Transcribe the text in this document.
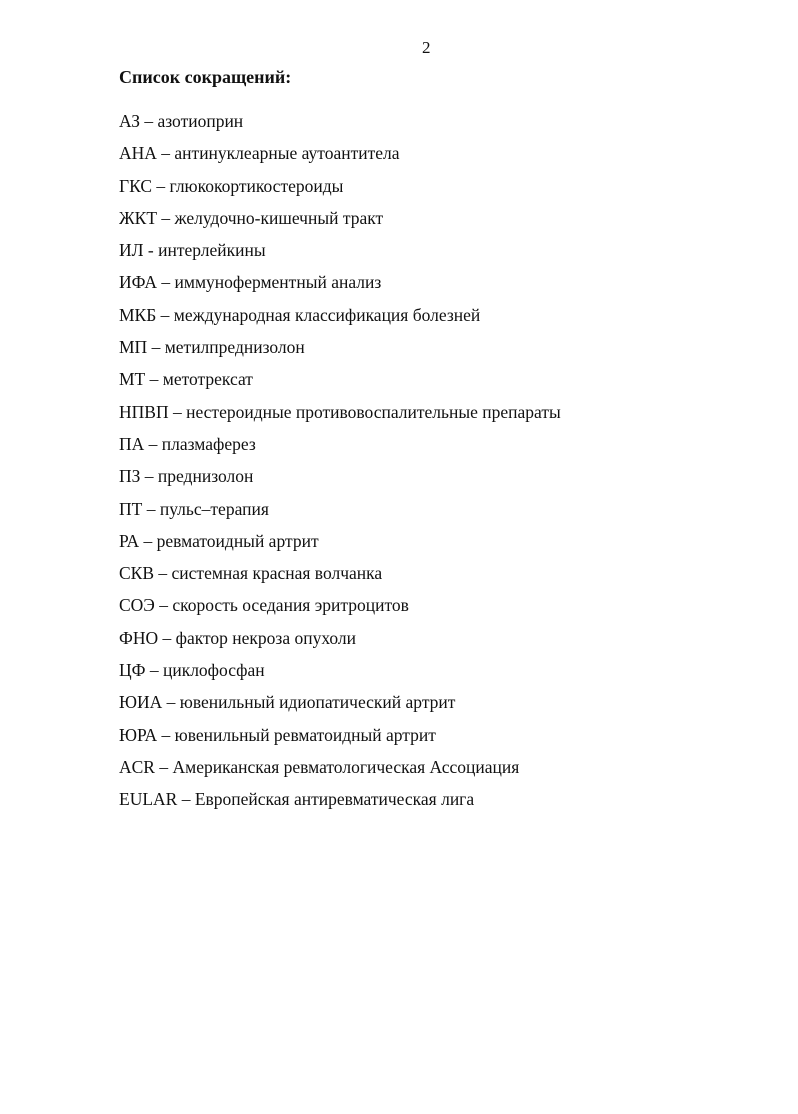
2
Список сокращений:
АЗ – азотиоприн
АНА – антинуклеарные аутоантитела
ГКС – глюкокортикостероиды
ЖКТ – желудочно-кишечный тракт
ИЛ - интерлейкины
ИФА – иммуноферментный анализ
МКБ – международная классификация болезней
МП – метилпреднизолон
МТ – метотрексат
НПВП – нестероидные противовоспалительные препараты
ПА – плазмаферез
ПЗ – преднизолон
ПТ – пульс–терапия
РА – ревматоидный артрит
СКВ – системная красная волчанка
СОЭ – скорость оседания эритроцитов
ФНО – фактор некроза опухоли
ЦФ – циклофосфан
ЮИА – ювенильный идиопатический артрит
ЮРА – ювенильный ревматоидный артрит
ACR – Американская ревматологическая Ассоциация
EULAR – Европейская антиревматическая лига
